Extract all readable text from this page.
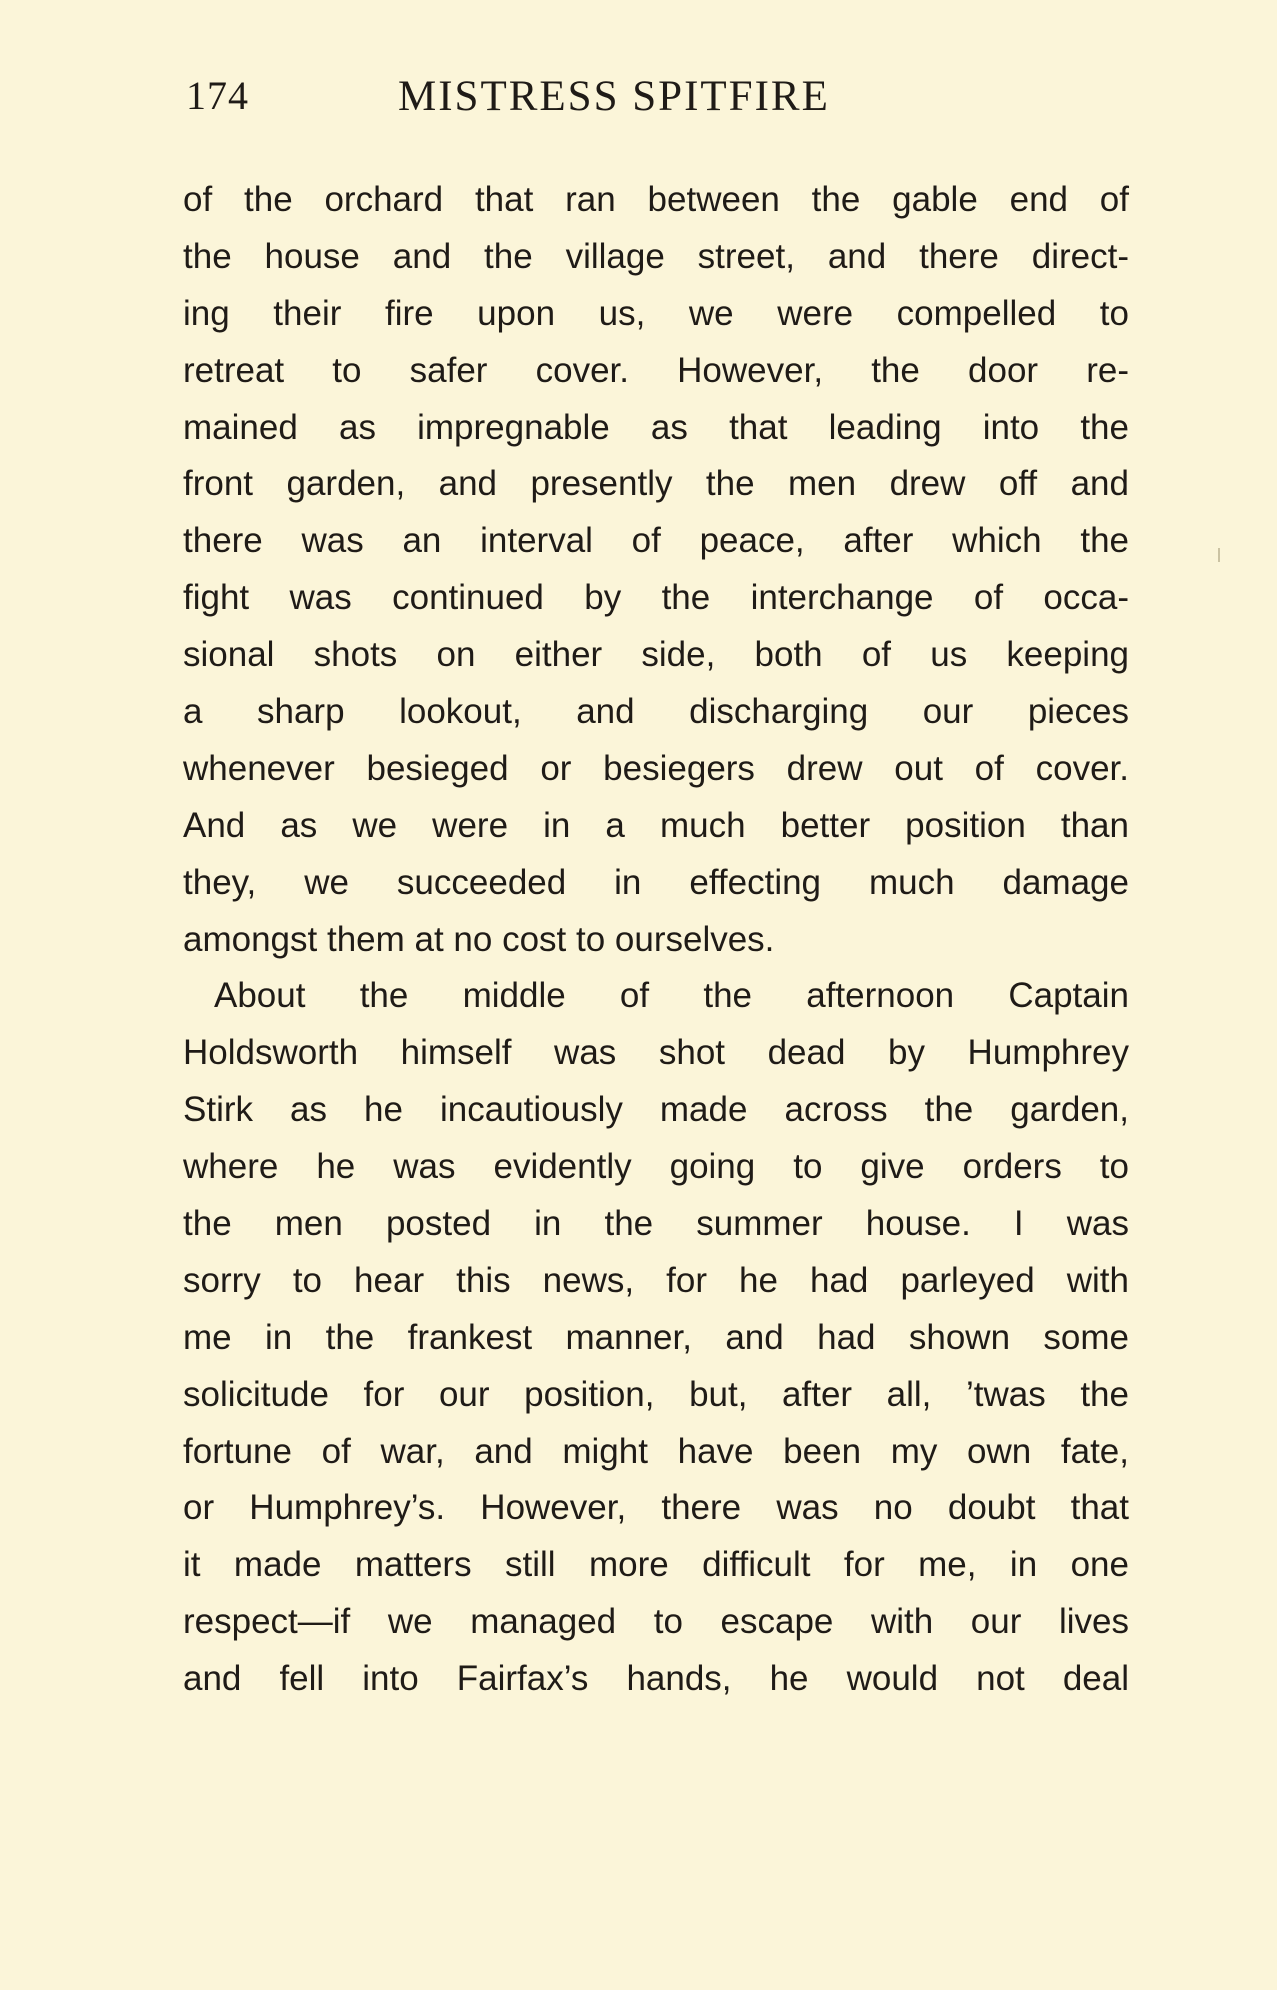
174	MISTRESS SPITFIRE
of the orchard that ran between the gable end of
the house and the village street, and there direct-
ing their fire upon us, we were compelled to
retreat to safer cover. However, the door re-
mained as impregnable as that leading into the
front garden, and presently the men drew off and
there was an interval of peace, after which the
fight was continued by the interchange of occa-
sional shots on either side, both of us keeping
a sharp lookout, and discharging our pieces
whenever besieged or besiegers drew out of cover.
And as we were in a much better position than
they, we succeeded in effecting much damage
amongst them at no cost to ourselves.
About the middle of the afternoon Captain
Holdsworth himself was shot dead by Humphrey
Stirk as he incautiously made across the garden,
where he was evidently going to give orders to
the men posted in the summer house. I was
sorry to hear this news, for he had parleyed with
me in the frankest manner, and had shown some
solicitude for our position, but, after all, ’twas the
fortune of war, and might have been my own fate,
or Humphrey’s. However, there was no doubt that
it made matters still more difficult for me, in one
respect—if we managed to escape with our lives
and fell into Fairfax’s hands, he would not deal
